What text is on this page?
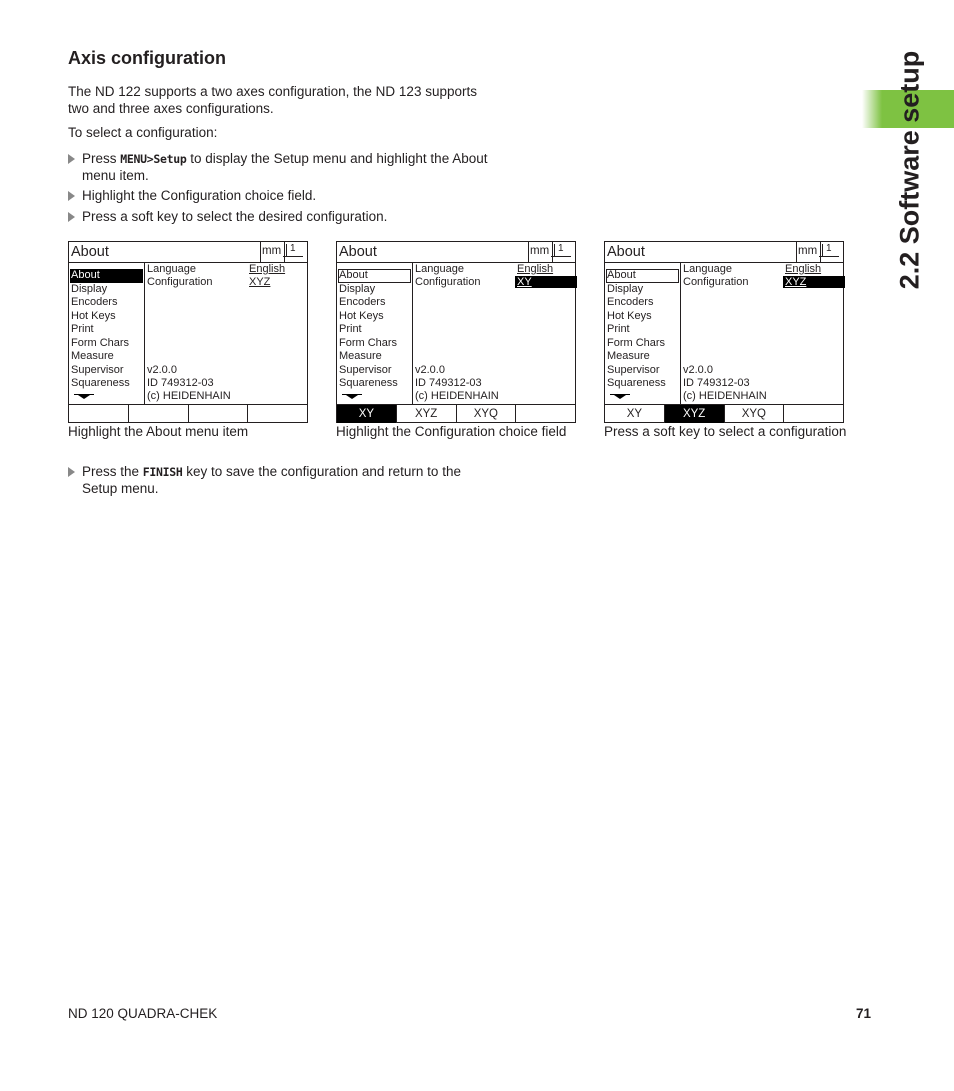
2.2 Software setup
Axis configuration
The ND 122 supports a two axes configuration, the ND 123 supports
two and three axes configurations.
To select a configuration:
Press MENU>Setup to display the Setup menu and highlight the About
menu item.
Highlight the Configuration choice field.
Press a soft key to select the desired configuration.
About	mm 1
About
Display
Encoders
Hot Keys
Print
Form Chars
Measure
Supervisor
Squareness
Language
Configuration
English
XYZ
v2.0.0
ID 749312-03
(c) HEIDENHAIN
Highlight the About menu item
About	mm 1
About
Display
Encoders
Hot Keys
Print
Form Chars
Measure
Supervisor
Squareness
Language
Configuration
English
XY
v2.0.0
ID 749312-03
(c) HEIDENHAIN
XY	XYZ	XYQ
Highlight the Configuration choice field
About	mm 1
About
Display
Encoders
Hot Keys
Print
Form Chars
Measure
Supervisor
Squareness
Language
Configuration
English
XYZ
v2.0.0
ID 749312-03
(c) HEIDENHAIN
XY	XYZ	XYQ
Press a soft key to select a configuration
Press the FINISH key to save the configuration and return to the
Setup menu.
ND 120 QUADRA-CHEK	71
